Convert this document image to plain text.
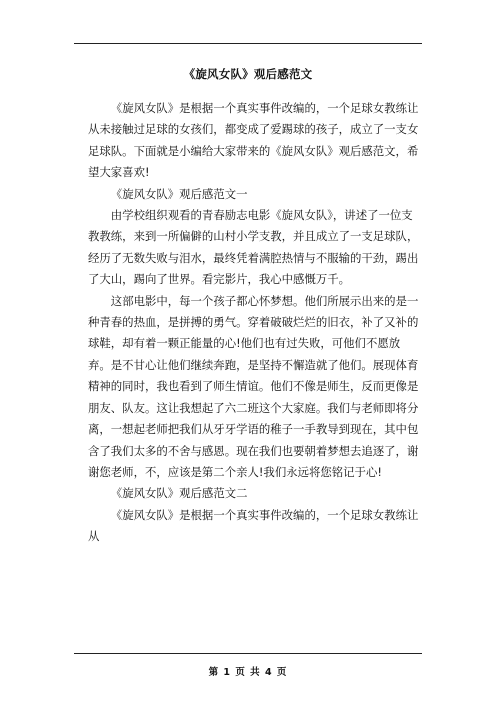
《旋风女队》观后感范文

《旋风女队》是根据一个真实事件改编的，一个足球女教练让从未接触过足球的女孩们，都变成了爱踢球的孩子，成立了一支女足球队。下面就是小编给大家带来的《旋风女队》观后感范文，希望大家喜欢!

《旋风女队》观后感范文一

由学校组织观看的青春励志电影《旋风女队》，讲述了一位支教教练，来到一所偏僻的山村小学支教，并且成立了一支足球队，经历了无数失败与泪水，最终凭着满腔热情与不服输的干劲，踢出了大山，踢向了世界。看完影片，我心中感慨万千。

这部电影中，每一个孩子都心怀梦想。他们所展示出来的是一种青春的热血，是拼搏的勇气。穿着破破烂烂的旧衣，补了又补的球鞋，却有着一颗正能量的心!他们也有过失败，可他们不愿放弃。是不甘心让他们继续奔跑，是坚持不懈造就了他们。展现体育精神的同时，我也看到了师生情谊。他们不像是师生，反而更像是朋友、队友。这让我想起了六二班这个大家庭。我们与老师即将分离，一想起老师把我们从牙牙学语的稚子一手教导到现在，其中包含了我们太多的不舍与感恩。现在我们也要朝着梦想去追逐了，谢谢您老师，不，应该是第二个亲人!我们永远将您铭记于心!

《旋风女队》观后感范文二

《旋风女队》是根据一个真实事件改编的，一个足球女教练让从

第 1 页 共 4 页
